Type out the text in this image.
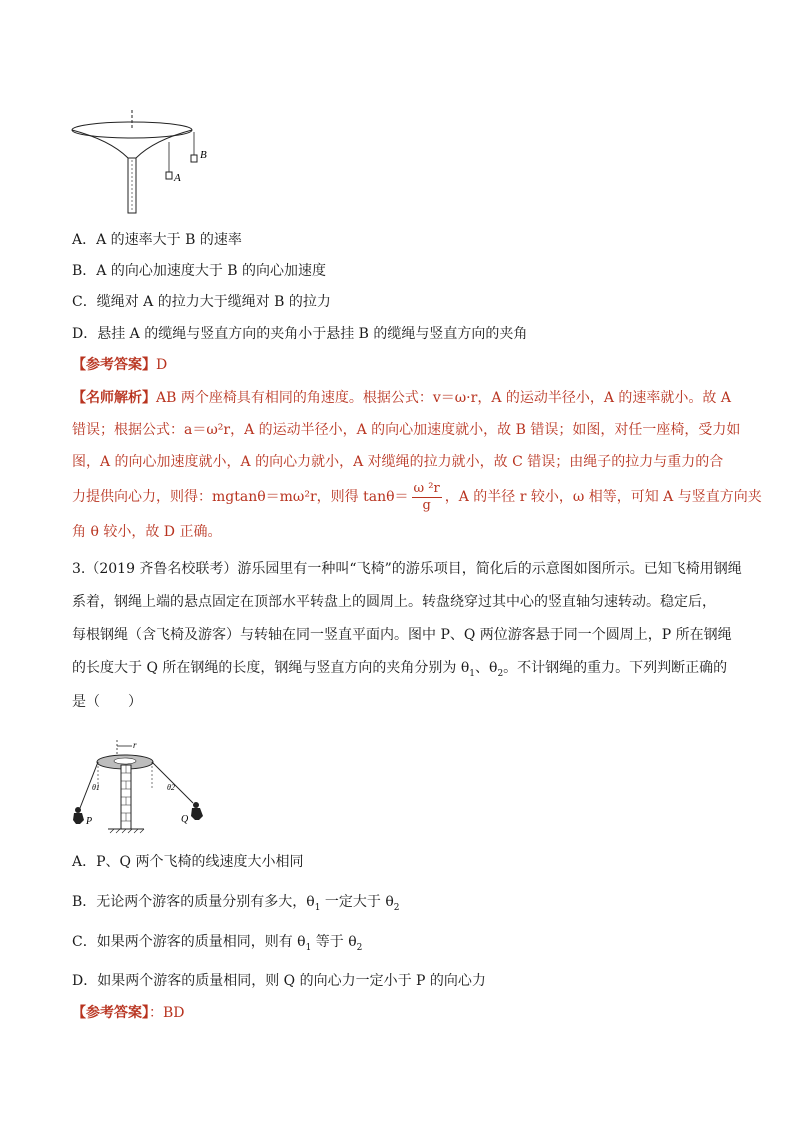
A
B
A．A 的速率大于 B 的速率
B．A 的向心加速度大于 B 的向心加速度
C．缆绳对 A 的拉力大于缆绳对 B 的拉力
D．悬挂 A 的缆绳与竖直方向的夹角小于悬挂 B 的缆绳与竖直方向的夹角
【参考答案】D
【名师解析】AB 两个座椅具有相同的角速度。根据公式：v＝ω·r，A 的运动半径小，A 的速率就小。故 A
错误；根据公式：a＝ω²r，A 的运动半径小，A 的向心加速度就小，故 B 错误；如图，对任一座椅，受力如
图，A 的向心加速度就小，A 的向心力就小，A 对缆绳的拉力就小，故 C 错误；由绳子的拉力与重力的合
力提供向心力，则得：mgtanθ＝mω²r，则得 $\tan\theta= \frac{\text{ω ²r}}{g}$ ，A 的半径 r 较小，ω 相等，可知 A 与竖直方向夹
角 θ 较小，故 D 正确。
3.（2019 齐鲁名校联考）游乐园里有一种叫“飞椅”的游乐项目，简化后的示意图如图所示。已知飞椅用钢绳
系着，钢绳上端的悬点固定在顶部水平转盘上的圆周上。转盘绕穿过其中心的竖直轴匀速转动。稳定后，
每根钢绳（含飞椅及游客）与转轴在同一竖直平面内。图中 P、Q 两位游客悬于同一个圆周上，P 所在钢绳
的长度大于 Q 所在钢绳的长度，钢绳与竖直方向的夹角分别为 $\theta_1$、$\theta_2$。不计钢绳的重力。下列判断正确的
是（　　）
r
θ1	θ2
P	Q
A．P、Q 两个飞椅的线速度大小相同
B．无论两个游客的质量分别有多大，$\theta_1$ 一定大于 $\theta_2$
C．如果两个游客的质量相同，则有 $\theta_1$ 等于 $\theta_2$
D．如果两个游客的质量相同，则 Q 的向心力一定小于 P 的向心力
【参考答案】：BD
